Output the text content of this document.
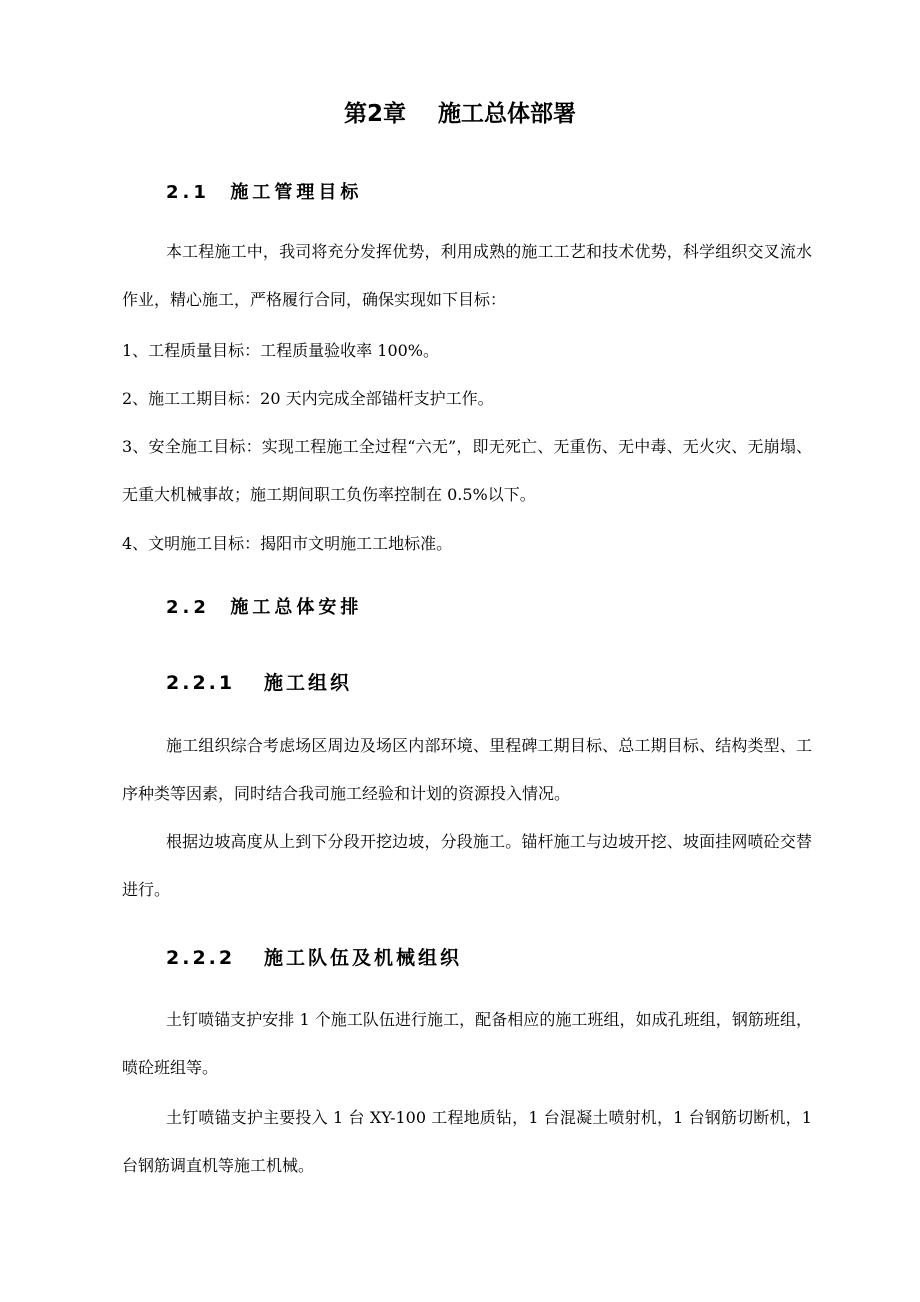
第2章    施工总体部署
2.1  施工管理目标
本工程施工中，我司将充分发挥优势，利用成熟的施工工艺和技术优势，科学组织交叉流水作业，精心施工，严格履行合同，确保实现如下目标：
1、工程质量目标：工程质量验收率 100%。
2、施工工期目标：20 天内完成全部锚杆支护工作。
3、安全施工目标：实现工程施工全过程“六无”，即无死亡、无重伤、无中毒、无火灾、无崩塌、无重大机械事故；施工期间职工负伤率控制在 0.5%以下。
4、文明施工目标：揭阳市文明施工工地标准。
2.2  施工总体安排
2.2.1   施工组织
施工组织综合考虑场区周边及场区内部环境、里程碑工期目标、总工期目标、结构类型、工序种类等因素，同时结合我司施工经验和计划的资源投入情况。
根据边坡高度从上到下分段开挖边坡，分段施工。锚杆施工与边坡开挖、坡面挂网喷砼交替进行。
2.2.2   施工队伍及机械组织
土钉喷锚支护安排 1 个施工队伍进行施工，配备相应的施工班组，如成孔班组，钢筋班组，喷砼班组等。
土钉喷锚支护主要投入 1 台 XY-100 工程地质钻，1 台混凝土喷射机，1 台钢筋切断机，1 台钢筋调直机等施工机械。
